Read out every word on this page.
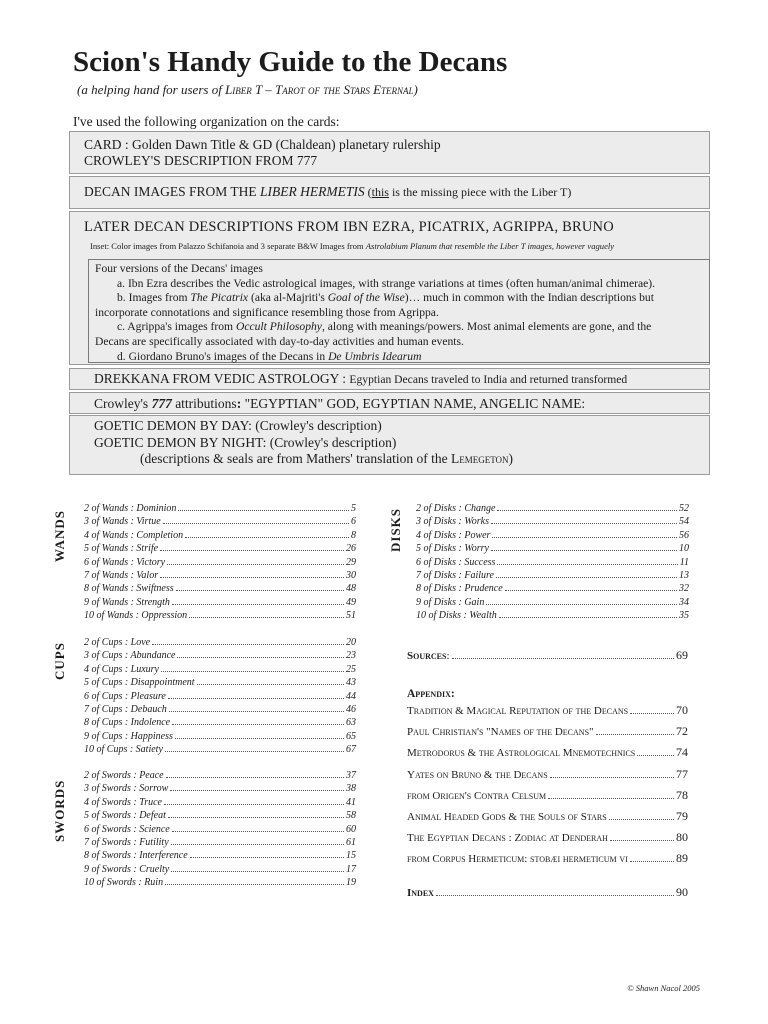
Scion's Handy Guide to the Decans
(a helping hand for users of Liber T – Tarot of the Stars Eternal)
I've used the following organization on the cards:
CARD : Golden Dawn Title & GD (Chaldean) planetary rulership
CROWLEY'S DESCRIPTION FROM 777
DECAN IMAGES FROM THE LIBER HERMETIS (this is the missing piece with the Liber T)
LATER DECAN DESCRIPTIONS FROM IBN EZRA, PICATRIX, AGRIPPA, BRUNO
Inset: Color images from Palazzo Schifanoia and 3 separate B&W Images from Astrolabium Planum that resemble the Liber T images, however vaguely
Four versions of the Decans' images
a. Ibn Ezra describes the Vedic astrological images, with strange variations at times (often human/animal chimerae).
b. Images from The Picatrix (aka al-Majriti's Goal of the Wise)… much in common with the Indian descriptions but
incorporate connotations and significance resembling those from Agrippa.
c. Agrippa's images from Occult Philosophy, along with meanings/powers. Most animal elements are gone, and the
Decans are specifically associated with day-to-day activities and human events.
d. Giordano Bruno's images of the Decans in De Umbris Idearum
DREKKANA FROM VEDIC ASTROLOGY : Egyptian Decans traveled to India and returned transformed
Crowley's 777 attributions: "EGYPTIAN" GOD, EGYPTIAN NAME, ANGELIC NAME:
GOETIC DEMON BY DAY: (Crowley's description)
GOETIC DEMON BY NIGHT: (Crowley's description)
(descriptions & seals are from Mathers' translation of the Lemegeton)
WANDS
CUPS
SWORDS
DISKS
2 of Wands : Dominion	5
3 of Wands : Virtue	6
4 of Wands : Completion	8
5 of Wands : Strife	26
6 of Wands : Victory	29
7 of Wands : Valor	30
8 of Wands : Swiftness	48
9 of Wands : Strength	49
10 of Wands : Oppression	51
2 of Cups : Love	20
3 of Cups : Abundance	23
4 of Cups : Luxury	25
5 of Cups : Disappointment	43
6 of Cups : Pleasure	44
7 of Cups : Debauch	46
8 of Cups : Indolence	63
9 of Cups : Happiness	65
10 of Cups : Satiety	67
2 of Swords : Peace	37
3 of Swords : Sorrow	38
4 of Swords : Truce	41
5 of Swords : Defeat	58
6 of Swords : Science	60
7 of Swords : Futility	61
8 of Swords : Interference	15
9 of Swords : Cruelty	17
10 of Swords : Ruin	19
2 of Disks : Change	52
3 of Disks : Works	54
4 of Disks : Power	56
5 of Disks : Worry	10
6 of Disks : Success	11
7 of Disks : Failure	13
8 of Disks : Prudence	32
9 of Disks : Gain	34
10 of Disks : Wealth	35
Sources :	69
Appendix:
Tradition & Magical Reputation of the Decans	70
Paul Christian's "Names of the Decans"	72
Metrodorus & the Astrological Mnemotechnics	74
Yates on Bruno & the Decans	77
from Origen's Contra Celsum	78
Animal Headed Gods & the Souls of Stars	79
The Egyptian Decans : Zodiac at Denderah	80
from Corpus Hermeticum: stobæi hermeticum vi	89
Index	90
© Shawn Nacol 2005
